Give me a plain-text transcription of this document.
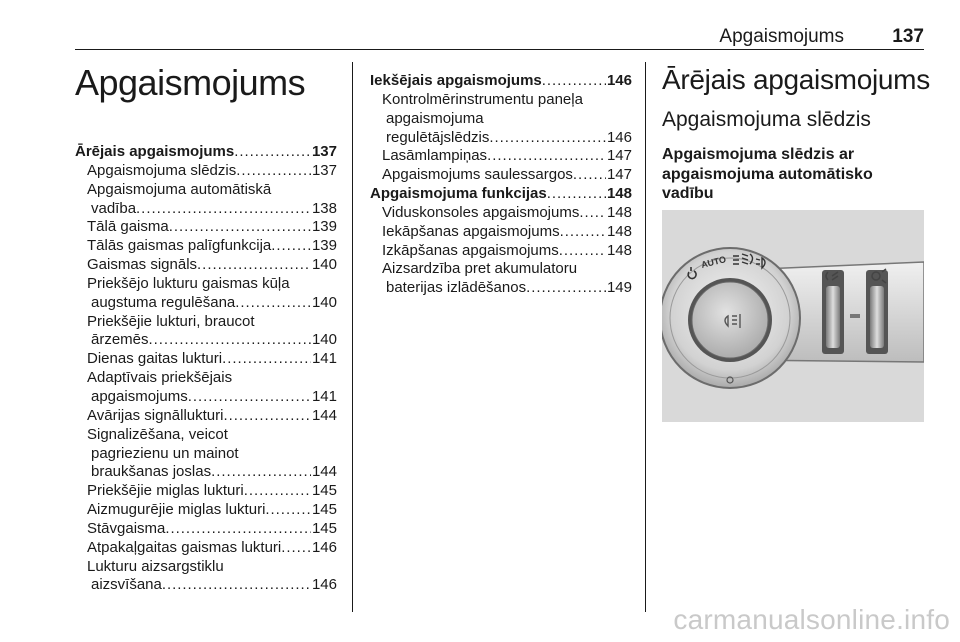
Apgaismojums	137
Apgaismojums
Ārējais apgaismojums . . .	137
Apgaismojuma slēdzis . . .	137
Apgaismojuma automātiskā
vadība . . .	138
Tālā gaisma . . .	139
Tālās gaismas palīgfunkcija . . .	139
Gaismas signāls . . .	140
Priekšējo lukturu gaismas kūļa
augstuma regulēšana . . .	140
Priekšējie lukturi, braucot
ārzemēs . . .	140
Dienas gaitas lukturi . . .	141
Adaptīvais priekšējais
apgaismojums . . .	141
Avārijas signāllukturi . . .	144
Signalizēšana, veicot
pagriezienu un mainot
braukšanas joslas . . .	144
Priekšējie miglas lukturi . . .	145
Aizmugurējie miglas lukturi . . .	145
Stāvgaisma . . .	145
Atpakaļgaitas gaismas lukturi . . . 146
Lukturu aizsargstiklu
aizsvīšana . . .	146
Iekšējais apgaismojums . . .	146
Kontrolmērinstrumentu paneļa
apgaismojuma
regulētājslēdzis . . .	146
Lasāmlampiņas . . .	147
Apgaismojums saulessargos . . . 147
Apgaismojuma funkcijas . . .	148
Viduskonsoles apgaismojums . . . 148
Iekāpšanas apgaismojums . . .	148
Izkāpšanas apgaismojums . . .	148
Aizsardzība pret akumulatoru
baterijas izlādēšanos . . .	149
Ārējais apgaismojums
Apgaismojuma slēdzis
Apgaismojuma slēdzis ar
apgaismojuma automātisko
vadību
AUTO
carmanualsonline.info
